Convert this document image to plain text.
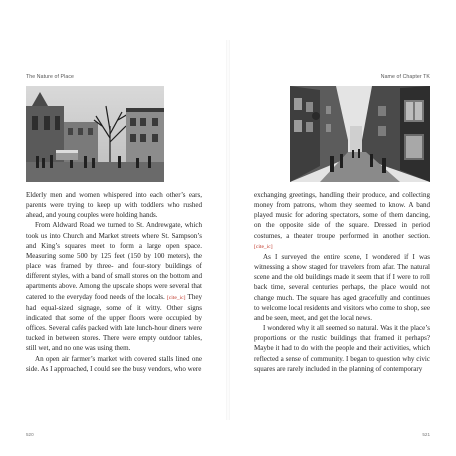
The Nature of Place

Elderly men and women whispered into each other’s ears, parents were trying to keep up with toddlers who rushed ahead, and young couples were holding hands.

From Aldward Road we turned to St. Andrewgate, which took us into Church and Market streets where St. Sampson’s and King’s squares meet to form a large open space. Measuring some 500 by 125 feet (150 by 100 meters), the place was framed by three- and four-story buildings of different styles, with a band of small stores on the bottom and apartments above. Among the upscale shops were several that catered to the everyday food needs of the locals. [cite_ic] They had equal-sized signage, some of it witty. Other signs indicated that some of the upper floors were occupied by offices. Several cafés packed with late lunch-hour diners were tucked in between stores. There were empty outdoor tables, still wet, and no one was using them.

An open air farmer’s market with covered stalls lined one side. As I approached, I could see the busy vendors, who were

520
Name of Chapter TK

exchanging greetings, handling their produce, and collecting money from patrons, whom they seemed to know. A band played music for adoring spectators, some of them dancing, on the opposite side of the square. Dressed in period costumes, a theater troupe performed in another section. [cite_ic]

As I surveyed the entire scene, I wondered if I was witnessing a show staged for travelers from afar. The natural scene and the old buildings made it seem that if I were to roll back time, several centuries perhaps, the place would not change much. The square has aged gracefully and continues to welcome local residents and visitors who come to shop, see and be seen, meet, and get the local news.

I wondered why it all seemed so natural. Was it the place’s proportions or the rustic buildings that framed it perhaps? Maybe it had to do with the people and their activities, which reflected a sense of community. I began to question why civic squares are rarely included in the planning of contemporary

521
